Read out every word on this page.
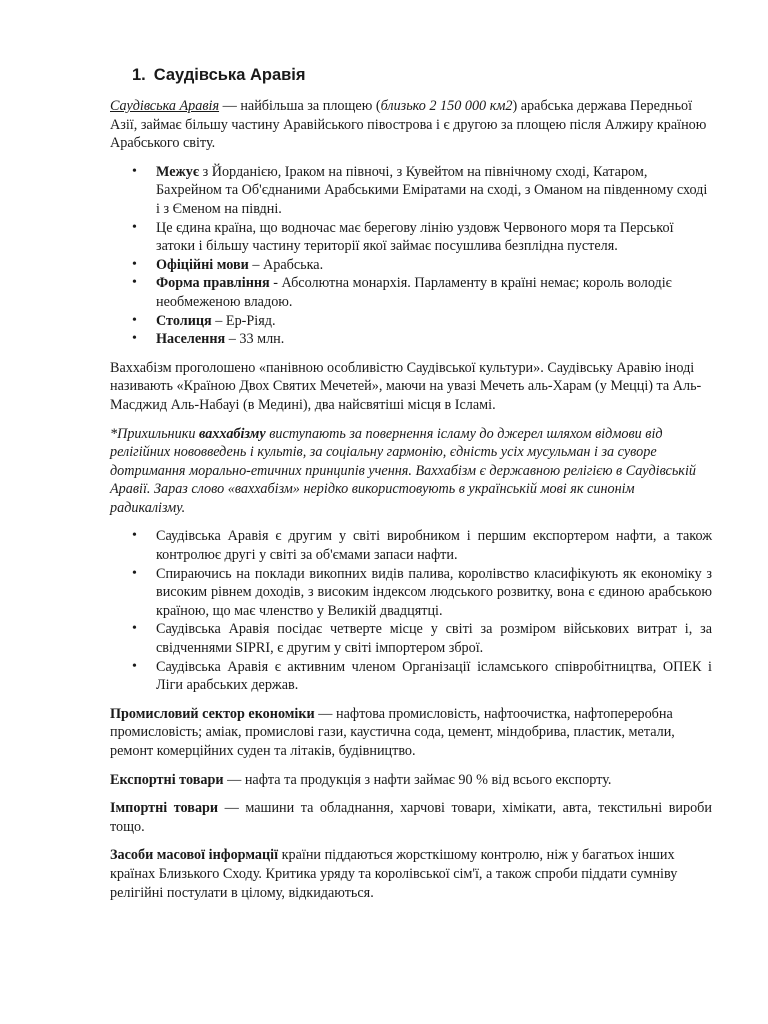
1. Саудівська Аравія

Саудівська Аравія — найбільша за площею (близько 2 150 000 км2) арабська держава Передньої Азії, займає більшу частину Аравійського півострова і є другою за площею після Алжиру країною Арабського світу.

• Межує з Йорданією, Іраком на півночі, з Кувейтом на північному сході, Катаром, Бахрейном та Об'єднаними Арабськими Еміратами на сході, з Оманом на південному сході і з Єменом на півдні.
• Це єдина країна, що водночас має берегову лінію уздовж Червоного моря та Перської затоки і більшу частину території якої займає посушлива безплідна пустеля.
• Офіційні мови – Арабська.
• Форма правління - Абсолютна монархія. Парламенту в країні немає; король володіє необмеженою владою.
• Столиця – Ер-Ріяд.
• Населення – 33 млн.

Ваххабізм проголошено «панівною особливістю Саудівської культури». Саудівську Аравію іноді називають «Країною Двох Святих Мечетей», маючи на увазі Мечеть аль-Харам (у Мецці) та Аль-Масджид Аль-Набауі (в Медині), два найсвятіші місця в Ісламі.

*Прихильники ваххабізму виступають за повернення ісламу до джерел шляхом відмови від релігійних нововведень і культів, за соціальну гармонію, єдність усіх мусульман і за суворе дотримання морально-етичних принципів учення. Ваххабізм є державною релігією в Саудівській Аравії. Зараз слово «ваххабізм» нерідко використовують в українській мові як синонім радикалізму.

• Саудівська Аравія є другим у світі виробником і першим експортером нафти, а також контролює другі у світі за об'ємами запаси нафти.
• Спираючись на поклади викопних видів палива, королівство класифікують як економіку з високим рівнем доходів, з високим індексом людського розвитку, вона є єдиною арабською країною, що має членство у Великій двадцятці.
• Саудівська Аравія посідає четверте місце у світі за розміром військових витрат і, за свідченнями SIPRI, є другим у світі імпортером зброї.
• Саудівська Аравія є активним членом Організації ісламського співробітництва, ОПЕК і Ліги арабських держав.

Промисловий сектор економіки — нафтова промисловість, нафтоочистка, нафтопереробна промисловість; аміак, промислові гази, каустична сода, цемент, міндобрива, пластик, метали, ремонт комерційних суден та літаків, будівництво.

Експортні товари — нафта та продукція з нафти займає 90 % від всього експорту.

Імпортні товари — машини та обладнання, харчові товари, хімікати, авта, текстильні вироби тощо.

Засоби масової інформації країни піддаються жорсткішому контролю, ніж у багатьох інших країнах Близького Сходу. Критика уряду та королівської сім'ї, а також спроби піддати сумніву релігійні постулати в цілому, відкидаються.
